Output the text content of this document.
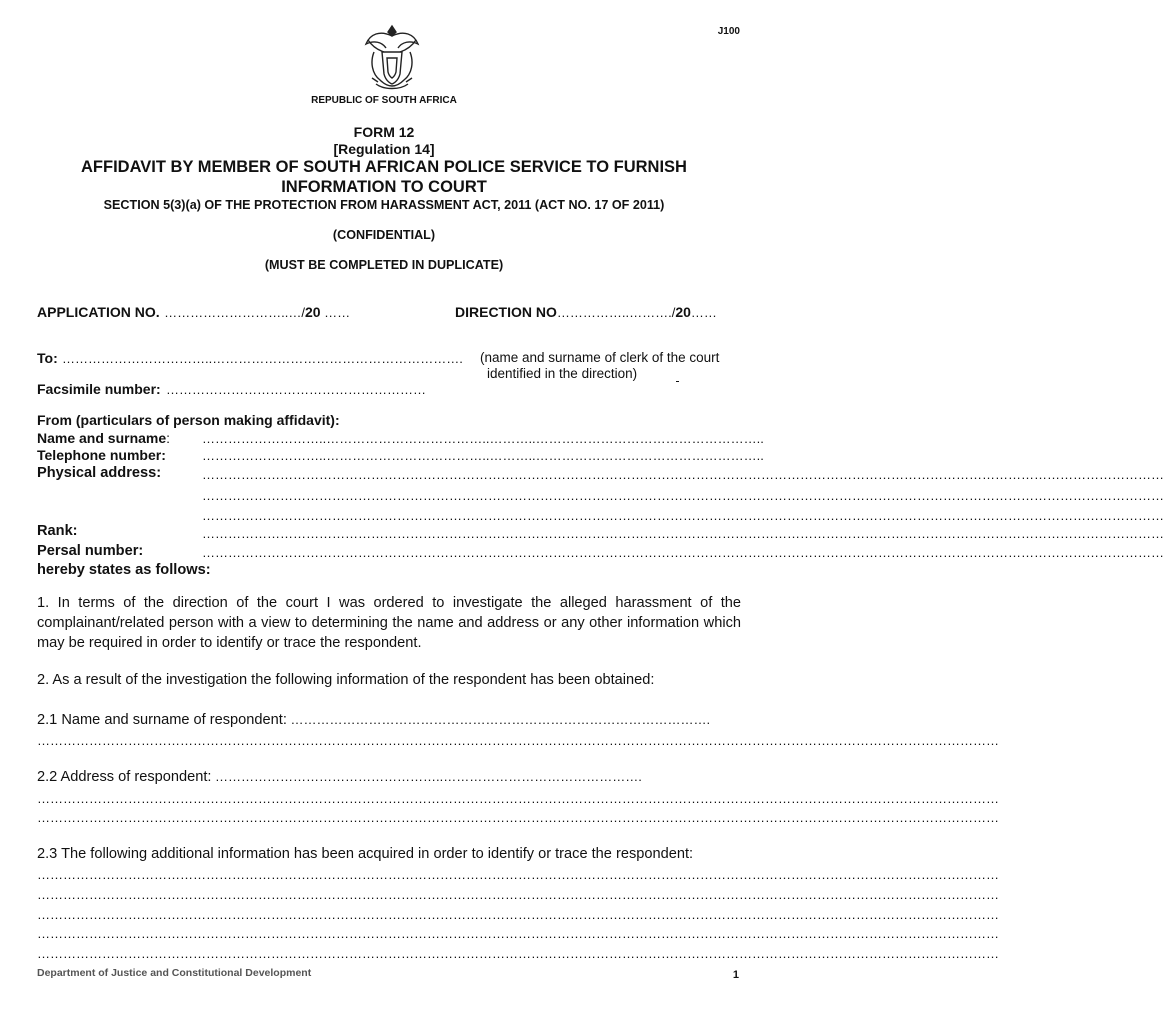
J100
REPUBLIC OF SOUTH AFRICA
FORM 12
[Regulation 14]
AFFIDAVIT BY MEMBER OF SOUTH AFRICAN POLICE SERVICE TO FURNISH
INFORMATION TO COURT
SECTION 5(3)(a) OF THE PROTECTION FROM HARASSMENT ACT, 2011 (ACT NO. 17 OF 2011)
(CONFIDENTIAL)
(MUST BE COMPLETED IN DUPLICATE)
APPLICATION NO. ………………………..…/20 ……	DIRECTION NO……………..………./20……
To: ……………………………..………………………………………………….	(name and surname of clerk of the court
identified in the direction)
Facsimile number: ……………………………………………………
From (particulars of person making affidavit):
Name and surname: ………………………..………………………………..………..……………………………………………..
Telephone number:	………………………..………………………………..………..……………………………………………..
Physical address:	……………………………………………………………………………………………………………………………………………………………………………………………………
……………………………………………………………………………………………………………………………………………………………………………………………………
……………………………………………………………………………………………………………………………………………………………………………………………………
Rank:	……………………………………………………………………………………………………………………………………………………………………………………………………
Persal number:	……………………………………………………………………………………………………………………………………………………………………………………………………
hereby states as follows:
1. In terms of the direction of the court I was ordered to investigate the alleged harassment of the complainant/related person with a view to determining the name and address or any other information which may be required in order to identify or trace the respondent.
2. As a result of the investigation the following information of the respondent has been obtained:
2.1 Name and surname of respondent: …………………………………………………………………………………….
……………………………………………………………………………………………………………………………………………………………………………………………………
2.2 Address of respondent: ……………………………………………..……………………………………….
……………………………………………………………………………………………………………………………………………………………………………………………………
……………………………………………………………………………………………………………………………………………………………………………………………………
2.3 The following additional information has been acquired in order to identify or trace the respondent:
……………………………………………………………………………………………………………………………………………………………………………………………………
……………………………………………………………………………………………………………………………………………………………………………………………………
……………………………………………………………………………………………………………………………………………………………………………………………………
……………………………………………………………………………………………………………………………………………………………………………………………………
……………………………………………………………………………………………………………………………………………………………………………………………………
Department of Justice and Constitutional Development	1
